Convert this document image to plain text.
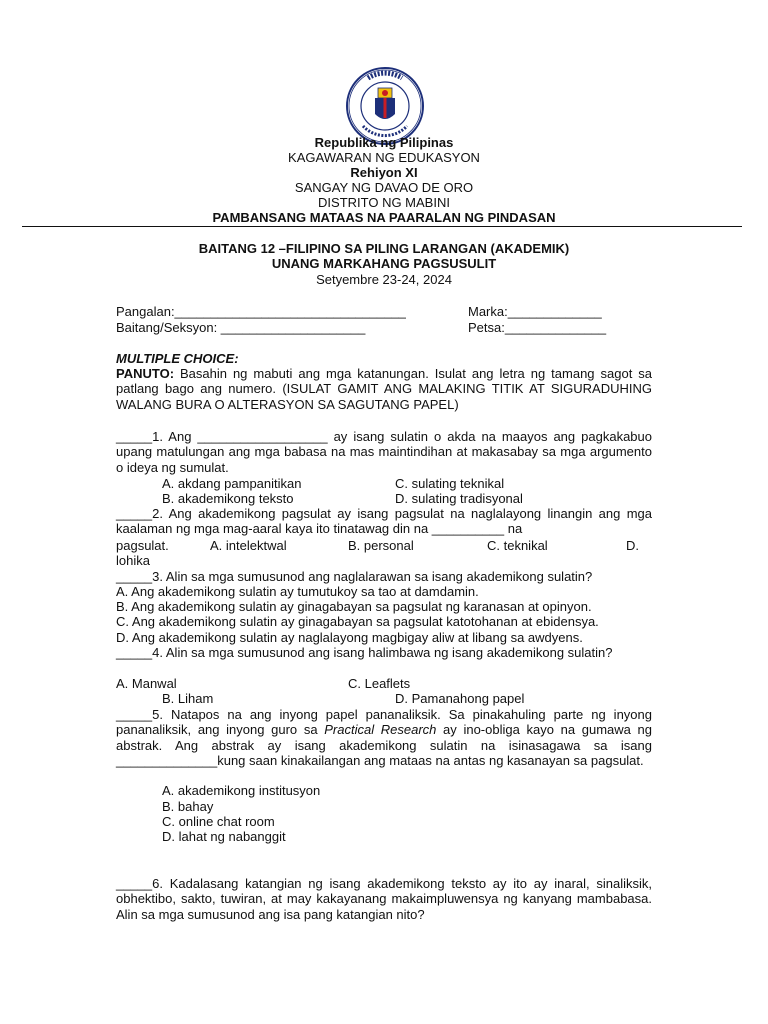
Republika ng Pilipinas
KAGAWARAN NG EDUKASYON
Rehiyon XI
SANGAY NG DAVAO DE ORO
DISTRITO NG MABINI
PAMBANSANG MATAAS NA PAARALAN NG PINDASAN
BAITANG 12 –FILIPINO SA PILING LARANGAN (AKADEMIK)
UNANG MARKAHANG PAGSUSULIT
Setyembre 23-24, 2024
Pangalan:________________________________	Marka:_____________
Baitang/Seksyon: ____________________	Petsa:______________
MULTIPLE CHOICE:
PANUTO: Basahin ng mabuti ang mga katanungan. Isulat ang letra ng tamang sagot sa patlang bago ang numero. (ISULAT GAMIT ANG MALAKING TITIK AT SIGURADUHING WALANG BURA O ALTERASYON SA SAGUTANG PAPEL)
_____1. Ang __________________ ay isang sulatin o akda na maayos ang pagkakabuo upang matulungan ang mga babasa na mas maintindihan at makasabay sa mga argumento o ideya ng sumulat.
A. akdang pampanitikan	C. sulating teknikal
B. akademikong teksto	D. sulating tradisyonal
_____2. Ang akademikong pagsulat ay isang pagsulat na naglalayong linangin ang mga kaalaman ng mga mag-aaral kaya ito tinatawag din na __________ na
pagsulat.	A. intelektwal	B. personal	C. teknikal	D.
lohika
_____3. Alin sa mga sumusunod ang naglalarawan sa isang akademikong sulatin?
A. Ang akademikong sulatin ay tumutukoy sa tao at damdamin.
B. Ang akademikong sulatin ay ginagabayan sa pagsulat ng karanasan at opinyon.
C. Ang akademikong sulatin ay ginagabayan sa pagsulat katotohanan at ebidensya.
D. Ang akademikong sulatin ay naglalayong magbigay aliw at libang sa awdyens.
_____4. Alin sa mga sumusunod ang isang halimbawa ng isang akademikong sulatin?
A. Manwal	C. Leaflets
B. Liham	D. Pamanahong papel
_____5. Natapos na ang inyong papel pananaliksik. Sa pinakahuling parte ng inyong pananaliksik, ang inyong guro sa Practical Research ay ino-obliga kayo na gumawa ng abstrak. Ang abstrak ay isang akademikong sulatin na isinasagawa sa isang ______________kung saan kinakailangan ang mataas na antas ng kasanayan sa pagsulat.
A. akademikong institusyon
B. bahay
C. online chat room
D. lahat ng nabanggit
_____6. Kadalasang katangian ng isang akademikong teksto ay ito ay inaral, sinaliksik, obhektibo, sakto, tuwiran, at may kakayanang makaimpluwensya ng kanyang mambabasa. Alin sa mga sumusunod ang isa pang katangian nito?
